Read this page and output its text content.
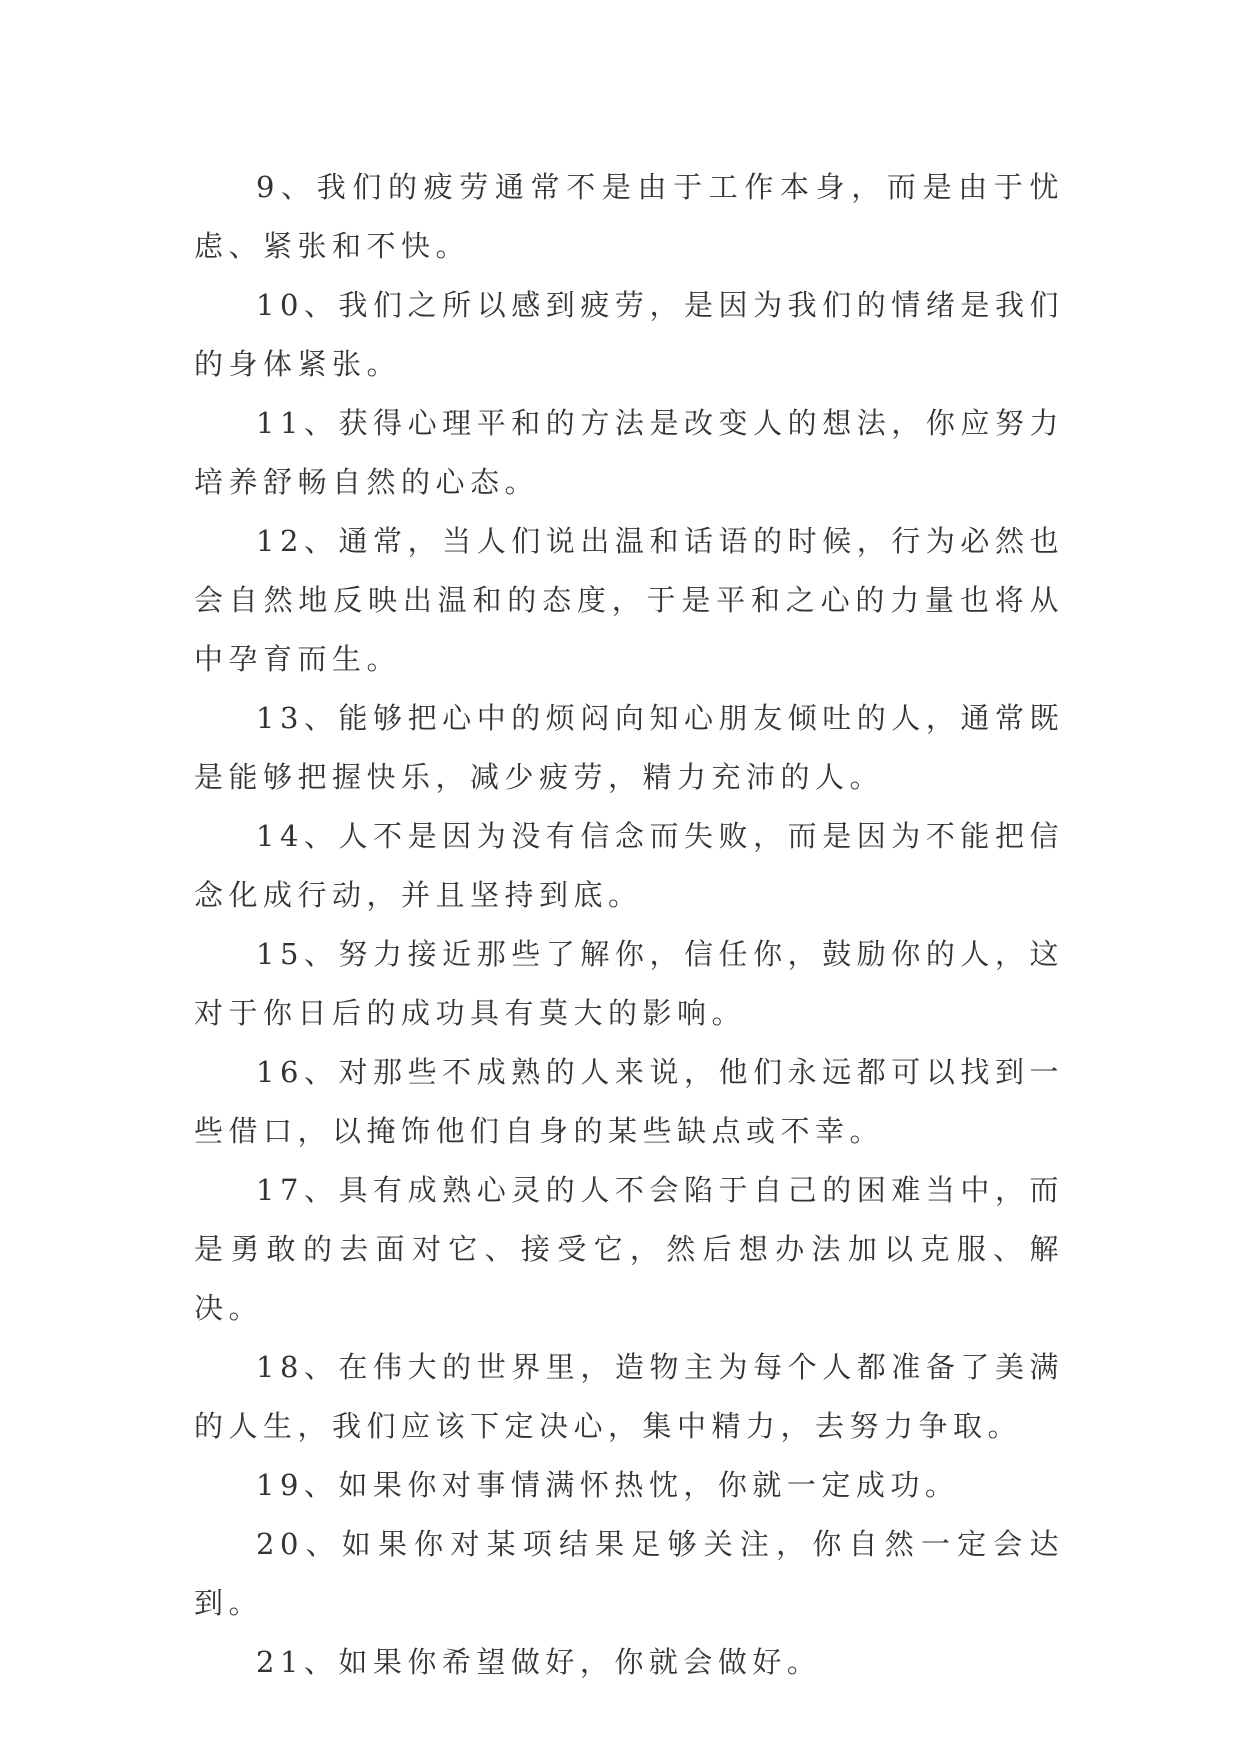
9、我们的疲劳通常不是由于工作本身，而是由于忧虑、紧张和不快。

10、我们之所以感到疲劳，是因为我们的情绪是我们的身体紧张。

11、获得心理平和的方法是改变人的想法，你应努力培养舒畅自然的心态。

12、通常，当人们说出温和话语的时候，行为必然也会自然地反映出温和的态度，于是平和之心的力量也将从中孕育而生。

13、能够把心中的烦闷向知心朋友倾吐的人，通常既是能够把握快乐，减少疲劳，精力充沛的人。

14、人不是因为没有信念而失败，而是因为不能把信念化成行动，并且坚持到底。

15、努力接近那些了解你，信任你，鼓励你的人，这对于你日后的成功具有莫大的影响。

16、对那些不成熟的人来说，他们永远都可以找到一些借口，以掩饰他们自身的某些缺点或不幸。

17、具有成熟心灵的人不会陷于自己的困难当中，而是勇敢的去面对它、接受它，然后想办法加以克服、解决。

18、在伟大的世界里，造物主为每个人都准备了美满的人生，我们应该下定决心，集中精力，去努力争取。

19、如果你对事情满怀热忱，你就一定成功。

20、如果你对某项结果足够关注，你自然一定会达到。

21、如果你希望做好，你就会做好。
